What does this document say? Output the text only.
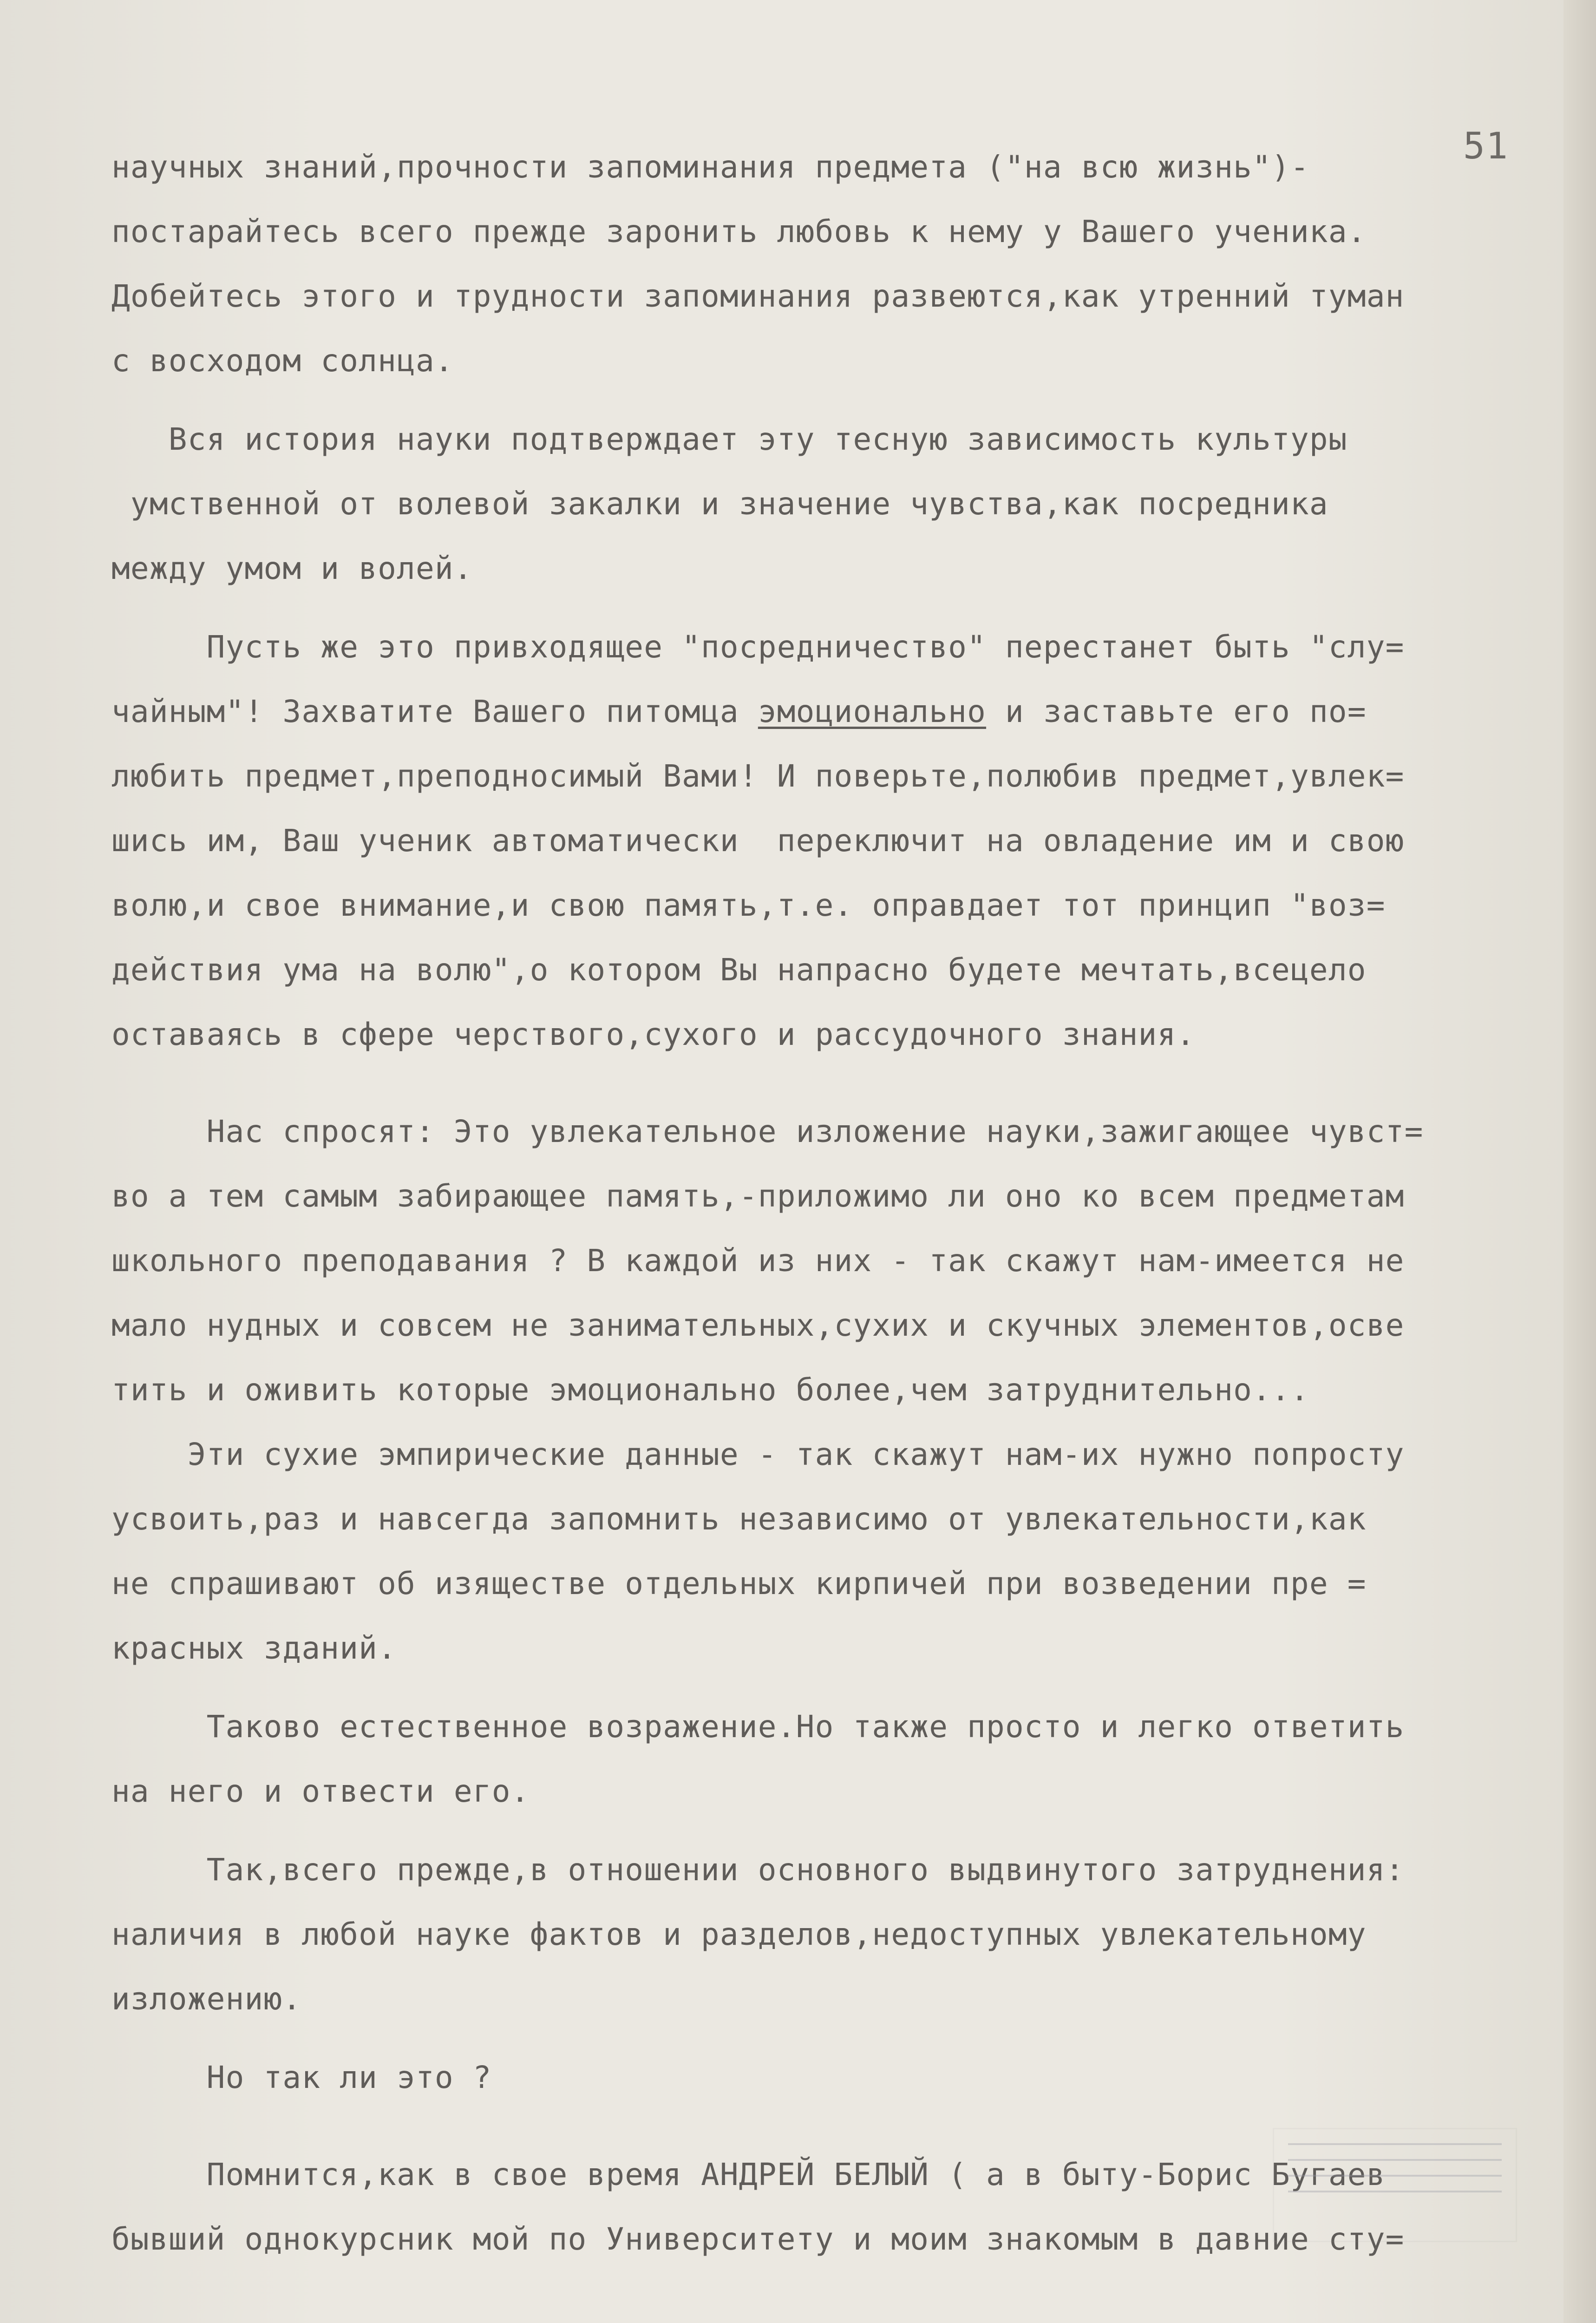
51
научных знаний,прочности запоминания предмета ("на всю жизнь")-
постарайтесь всего прежде заронить любовь к нему у Вашего ученика.
Добейтесь этого и трудности запоминания развеются,как утренний туман
с восходом солнца.
Вся история науки подтверждает эту тесную зависимость культуры
умственной от волевой закалки и значение чувства,как посредника
между умом и волей.
Пусть же это привходящее "посредничество" перестанет быть "слу=
чайным"! Захватите Вашего питомца эмоционально и заставьте его по=
любить предмет,преподносимый Вами! И поверьте,полюбив предмет,увлек=
шись им, Ваш ученик автоматически  переключит на овладение им и свою
волю,и свое внимание,и свою память,т.е. оправдает тот принцип "воз=
действия ума на волю",о котором Вы напрасно будете мечтать,всецело
оставаясь в сфере черствого,сухого и рассудочного знания.
Нас спросят: Это увлекательное изложение науки,зажигающее чувст=
во а тем самым забирающее память,-приложимо ли оно ко всем предметам
школьного преподавания ? В каждой из них - так скажут нам-имеется не
мало нудных и совсем не занимательных,сухих и скучных элементов,осве
тить и оживить которые эмоционально более,чем затруднительно...
Эти сухие эмпирические данные - так скажут нам-их нужно попросту
усвоить,раз и навсегда запомнить независимо от увлекательности,как
не спрашивают об изяществе отдельных кирпичей при возведении пре =
красных зданий.
Таково естественное возражение.Но также просто и легко ответить
на него и отвести его.
Так,всего прежде,в отношении основного выдвинутого затруднения:
наличия в любой науке фактов и разделов,недоступных увлекательному
изложению.
Но так ли это ?
Помнится,как в свое время АНДРЕЙ БЕЛЫЙ ( а в быту-Борис Бугаев
бывший однокурсник мой по Университету и моим знакомым в давние сту=
